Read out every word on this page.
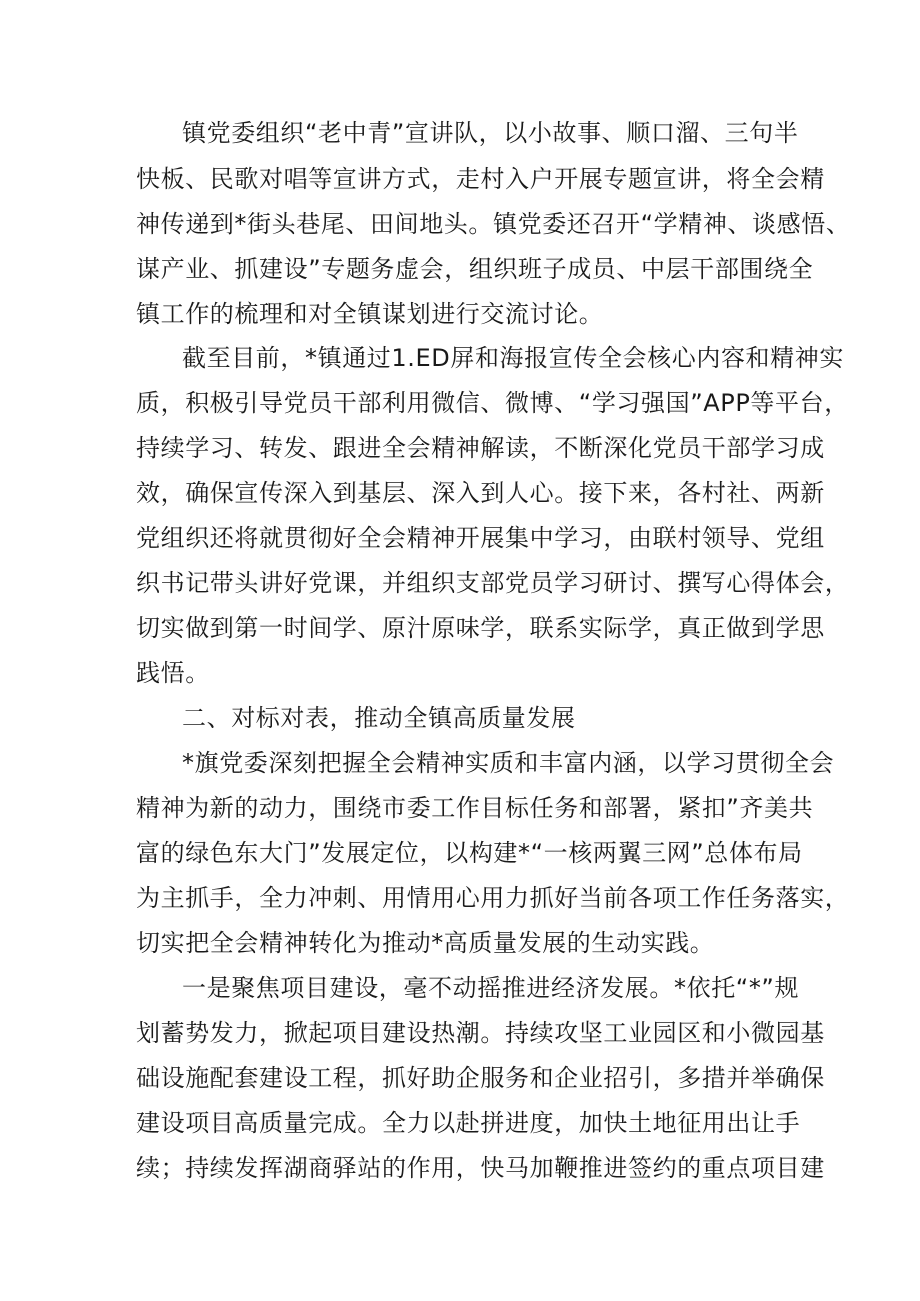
镇党委组织“老中青”宣讲队，以小故事、顺口溜、三句半
快板、民歌对唱等宣讲方式，走村入户开展专题宣讲，将全会精
神传递到*街头巷尾、田间地头。镇党委还召开“学精神、谈感悟、
谋产业、抓建设”专题务虚会，组织班子成员、中层干部围绕全
镇工作的梳理和对全镇谋划进行交流讨论。
截至目前，*镇通过1.ED屏和海报宣传全会核心内容和精神实
质，积极引导党员干部利用微信、微博、“学习强国”APP等平台，
持续学习、转发、跟进全会精神解读，不断深化党员干部学习成
效，确保宣传深入到基层、深入到人心。接下来，各村社、两新
党组织还将就贯彻好全会精神开展集中学习，由联村领导、党组
织书记带头讲好党课，并组织支部党员学习研讨、撰写心得体会，
切实做到第一时间学、原汁原味学，联系实际学，真正做到学思
践悟。
二、对标对表，推动全镇高质量发展
*旗党委深刻把握全会精神实质和丰富内涵，以学习贯彻全会
精神为新的动力，围绕市委工作目标任务和部署，紧扣”齐美共
富的绿色东大门”发展定位，以构建*“一核两翼三网”总体布局
为主抓手，全力冲刺、用情用心用力抓好当前各项工作任务落实，
切实把全会精神转化为推动*高质量发展的生动实践。
一是聚焦项目建设，毫不动摇推进经济发展。*依托“*”规
划蓄势发力，掀起项目建设热潮。持续攻坚工业园区和小微园基
础设施配套建设工程，抓好助企服务和企业招引，多措并举确保
建设项目高质量完成。全力以赴拼进度，加快土地征用出让手
续；持续发挥湖商驿站的作用，快马加鞭推进签约的重点项目建
